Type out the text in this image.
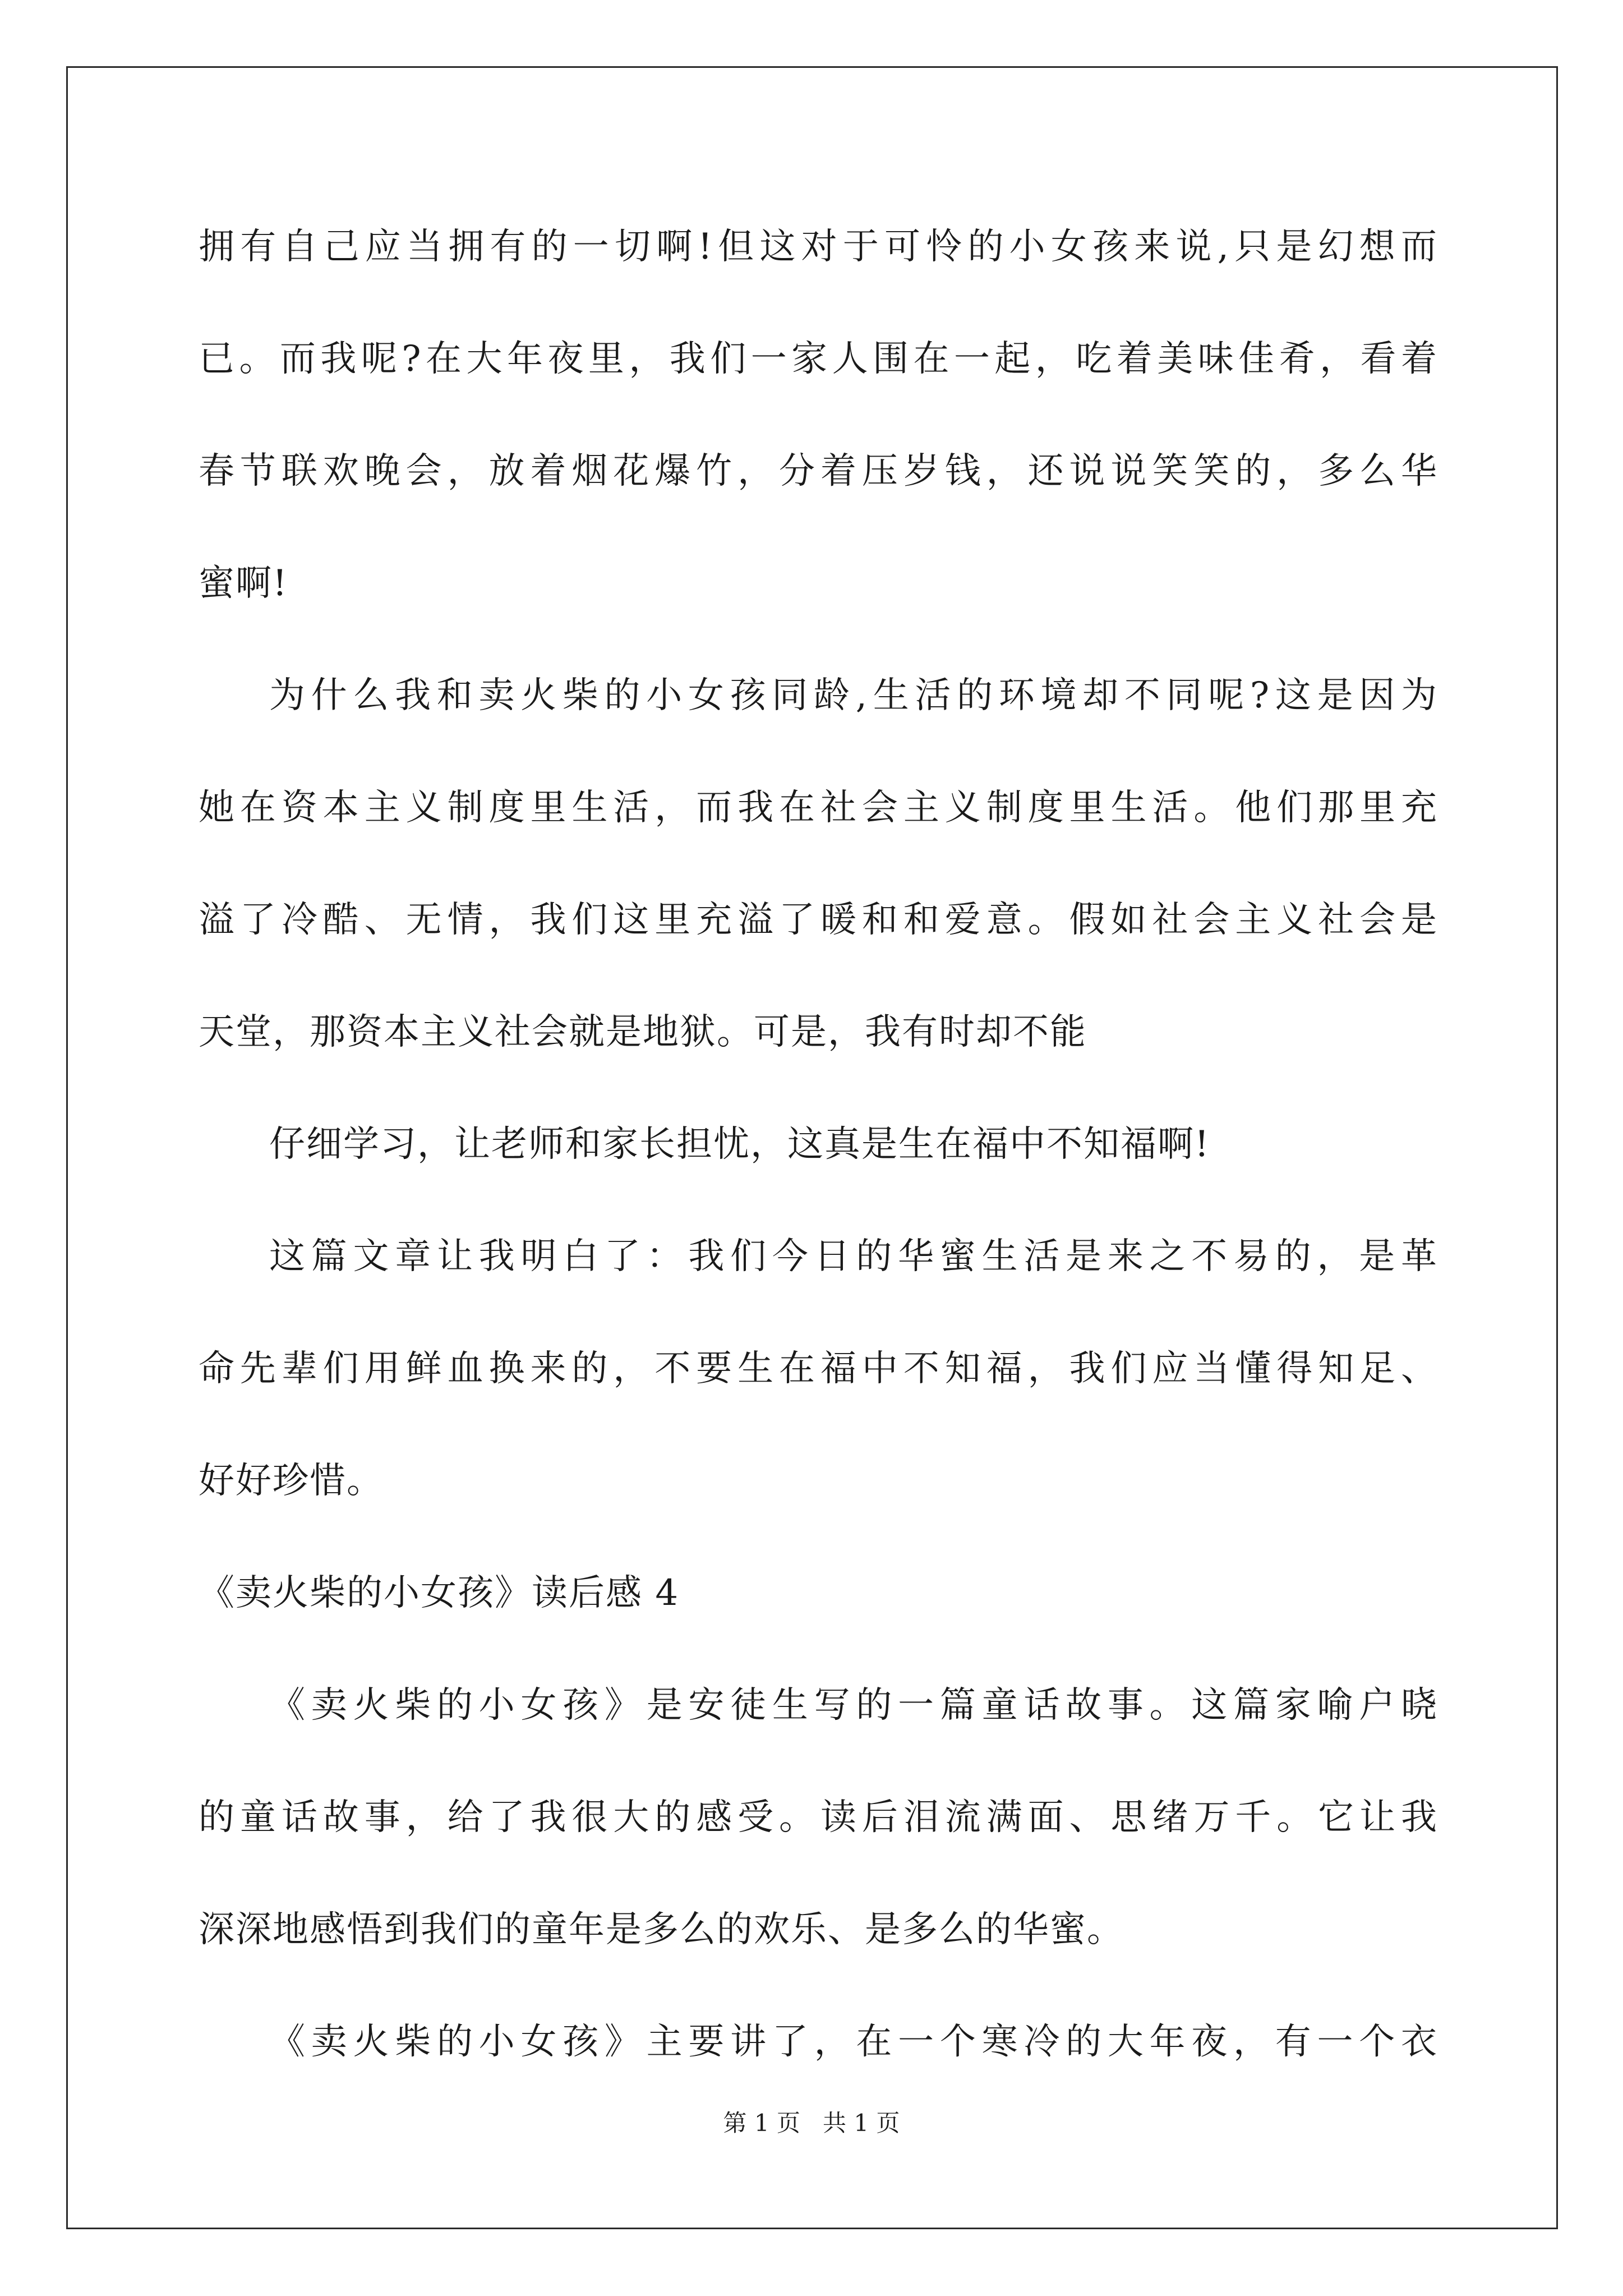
拥有自己应当拥有的一切啊!但这对于可怜的小女孩来说,只是幻想而
已。而我呢?在大年夜里，我们一家人围在一起，吃着美味佳肴，看着
春节联欢晚会，放着烟花爆竹，分着压岁钱，还说说笑笑的，多么华
蜜啊!
为什么我和卖火柴的小女孩同龄,生活的环境却不同呢?这是因为
她在资本主义制度里生活，而我在社会主义制度里生活。他们那里充
溢了冷酷、无情，我们这里充溢了暖和和爱意。假如社会主义社会是
天堂，那资本主义社会就是地狱。可是，我有时却不能
仔细学习，让老师和家长担忧，这真是生在福中不知福啊!
这篇文章让我明白了：我们今日的华蜜生活是来之不易的，是革
命先辈们用鲜血换来的，不要生在福中不知福，我们应当懂得知足、
好好珍惜。
《卖火柴的小女孩》读后感 4
《卖火柴的小女孩》是安徒生写的一篇童话故事。这篇家喻户晓
的童话故事，给了我很大的感受。读后泪流满面、思绪万千。它让我
深深地感悟到我们的童年是多么的欢乐、是多么的华蜜。
《卖火柴的小女孩》主要讲了，在一个寒冷的大年夜，有一个衣
第 1 页   共 1 页
